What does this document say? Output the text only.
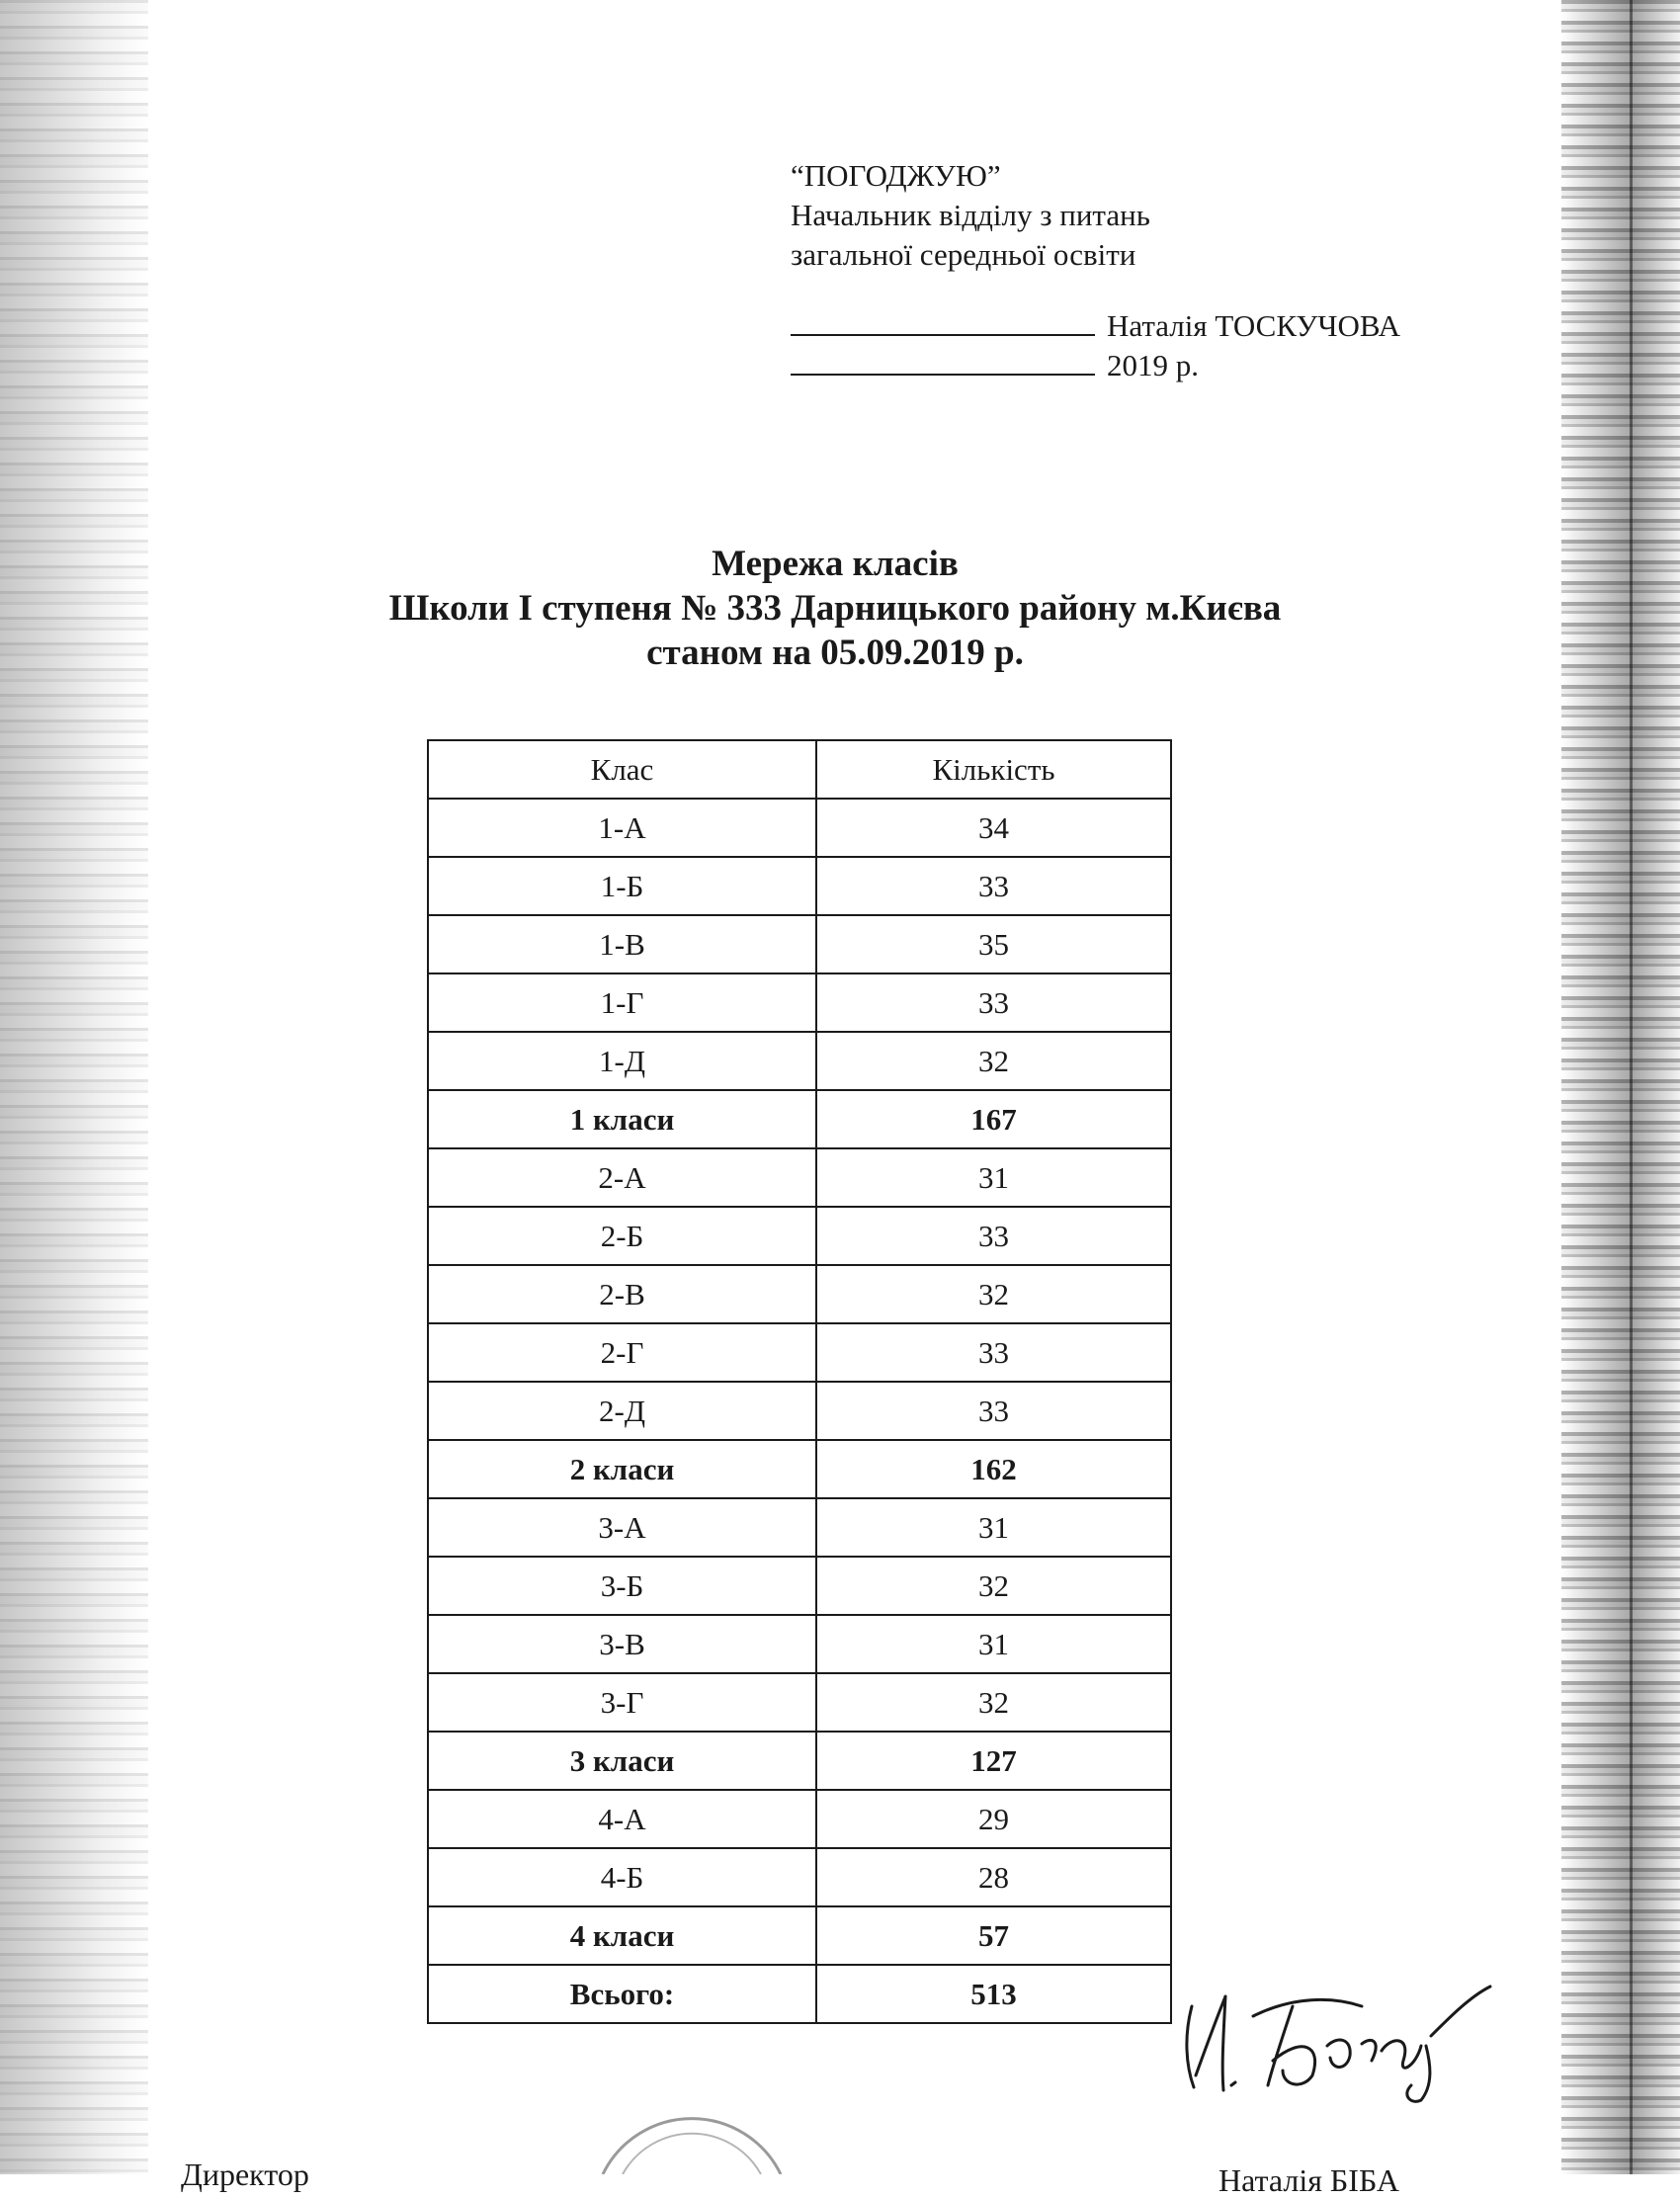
“ПОГОДЖУЮ”
Начальник відділу з питань
загальної середньої освіти
Наталія ТОСКУЧОВА
2019 р.
Мережа класів
Школи І ступеня № 333 Дарницького району м.Києва
станом на 05.09.2019 р.
Клас	Кількість
1-А	34
1-Б	33
1-В	35
1-Г	33
1-Д	32
1 класи	167
2-А	31
2-Б	33
2-В	32
2-Г	33
2-Д	33
2 класи	162
3-А	31
3-Б	32
3-В	31
3-Г	32
3 класи	127
4-А	29
4-Б	28
4 класи	57
Всього:	513
Директор	Наталія БІБА
